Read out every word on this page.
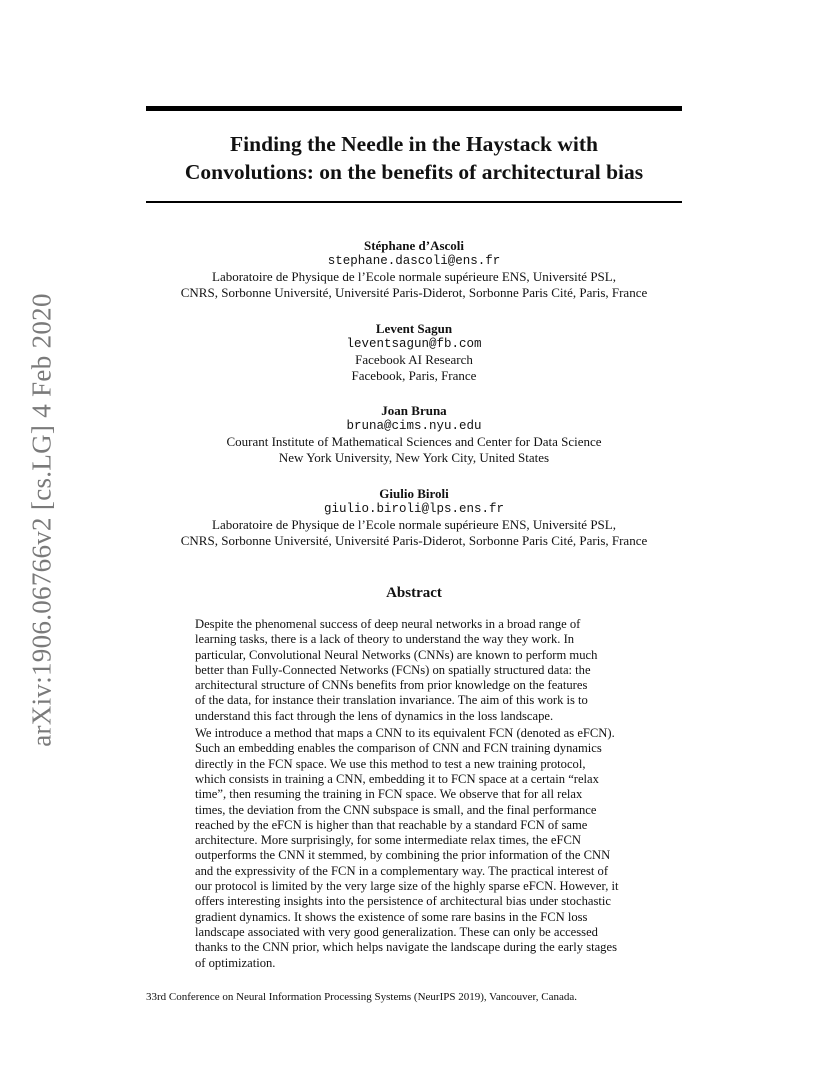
arXiv:1906.06766v2 [cs.LG] 4 Feb 2020
Finding the Needle in the Haystack with
Convolutions: on the benefits of architectural bias
Stéphane d’Ascoli
stephane.dascoli@ens.fr
Laboratoire de Physique de l’Ecole normale supérieure ENS, Université PSL,
CNRS, Sorbonne Université, Université Paris-Diderot, Sorbonne Paris Cité, Paris, France
Levent Sagun
leventsagun@fb.com
Facebook AI Research
Facebook, Paris, France
Joan Bruna
bruna@cims.nyu.edu
Courant Institute of Mathematical Sciences and Center for Data Science
New York University, New York City, United States
Giulio Biroli
giulio.biroli@lps.ens.fr
Laboratoire de Physique de l’Ecole normale supérieure ENS, Université PSL,
CNRS, Sorbonne Université, Université Paris-Diderot, Sorbonne Paris Cité, Paris, France
Abstract
Despite the phenomenal success of deep neural networks in a broad range of
learning tasks, there is a lack of theory to understand the way they work. In
particular, Convolutional Neural Networks (CNNs) are known to perform much
better than Fully-Connected Networks (FCNs) on spatially structured data: the
architectural structure of CNNs benefits from prior knowledge on the features
of the data, for instance their translation invariance. The aim of this work is to
understand this fact through the lens of dynamics in the loss landscape.
We introduce a method that maps a CNN to its equivalent FCN (denoted as eFCN).
Such an embedding enables the comparison of CNN and FCN training dynamics
directly in the FCN space. We use this method to test a new training protocol,
which consists in training a CNN, embedding it to FCN space at a certain “relax
time”, then resuming the training in FCN space. We observe that for all relax
times, the deviation from the CNN subspace is small, and the final performance
reached by the eFCN is higher than that reachable by a standard FCN of same
architecture. More surprisingly, for some intermediate relax times, the eFCN
outperforms the CNN it stemmed, by combining the prior information of the CNN
and the expressivity of the FCN in a complementary way. The practical interest of
our protocol is limited by the very large size of the highly sparse eFCN. However, it
offers interesting insights into the persistence of architectural bias under stochastic
gradient dynamics. It shows the existence of some rare basins in the FCN loss
landscape associated with very good generalization. These can only be accessed
thanks to the CNN prior, which helps navigate the landscape during the early stages
of optimization.
33rd Conference on Neural Information Processing Systems (NeurIPS 2019), Vancouver, Canada.
